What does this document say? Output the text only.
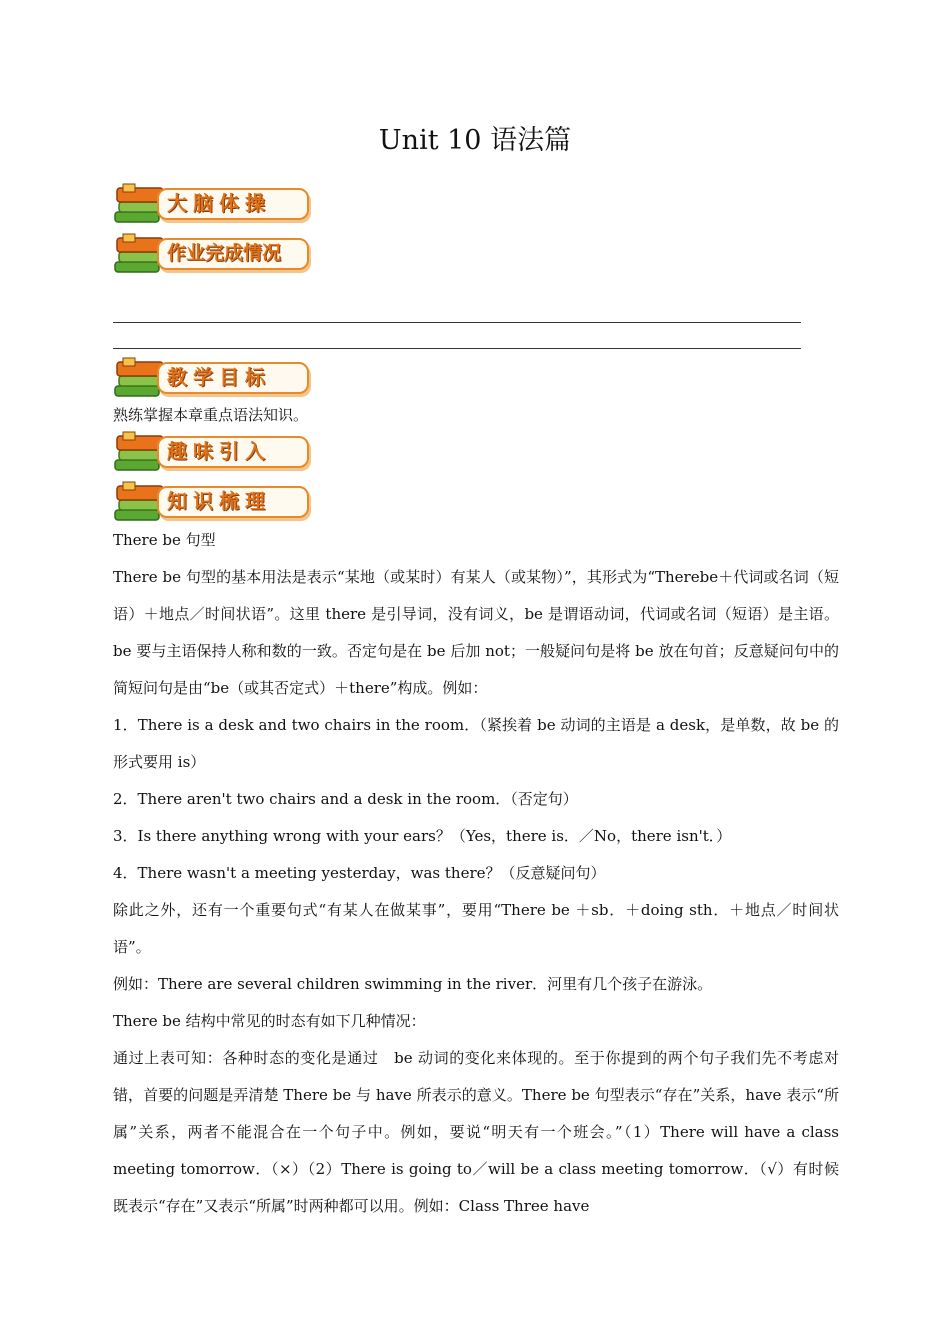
Unit 10 语法篇
大脑体操
作业完成情况
教学目标
熟练掌握本章重点语法知识。
趣味引入
知识梳理

There be 句型

There be 句型的基本用法是表示“某地（或某时）有某人（或某物）”，其形式为“Therebe＋代词或名词（短语）＋地点／时间状语”。这里 there 是引导词，没有词义，be 是谓语动词，代词或名词（短语）是主语。be 要与主语保持人称和数的一致。否定句是在 be 后加 not；一般疑问句是将 be 放在句首；反意疑问句中的简短问句是由“be（或其否定式）＋there”构成。例如：

1．There is a desk and two chairs in the room．（紧挨着 be 动词的主语是 a desk，是单数，故 be 的形式要用 is）

2．There aren't two chairs and a desk in the room．（否定句）

3．Is there anything wrong with your ears？（Yes，there is．／No，there isn't．）

4．There wasn't a meeting yesterday，was there？（反意疑问句）

除此之外，还有一个重要句式“有某人在做某事”，要用“There be ＋sb．＋doing sth．＋地点／时间状语”。

例如：There are several children swimming in the river．河里有几个孩子在游泳。

There be 结构中常见的时态有如下几种情况：

通过上表可知：各种时态的变化是通过　be 动词的变化来体现的。至于你提到的两个句子我们先不考虑对错，首要的问题是弄清楚 There be 与 have 所表示的意义。There be 句型表示“存在”关系，have 表示“所属”关系，两者不能混合在一个句子中。例如，要说“明天有一个班会。”（1）There will have a class meeting tomorrow．（×）（2）There is going to／will be a class meeting tomorrow．（√）有时候既表示“存在”又表示“所属”时两种都可以用。例如：Class Three have
